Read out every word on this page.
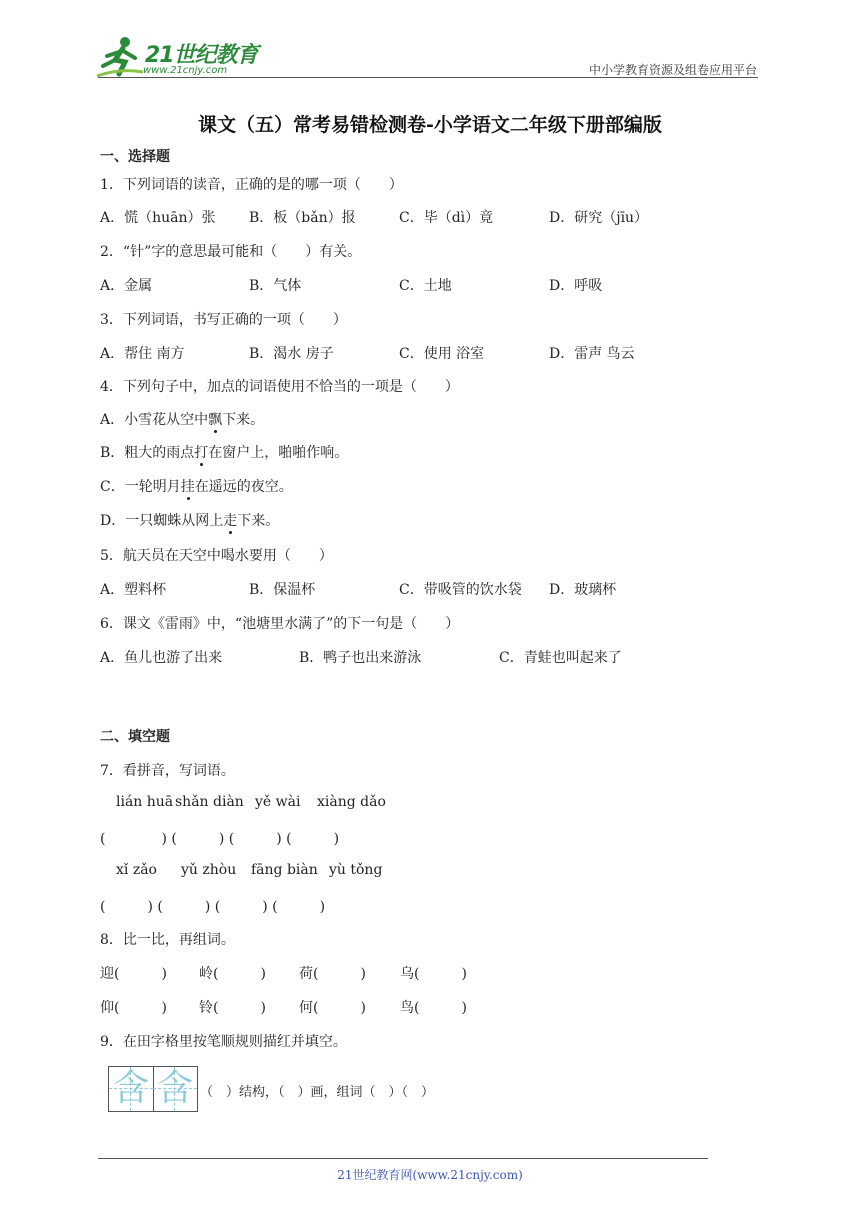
21世纪教育
www.21cnjy.com	中小学教育资源及组卷应用平台
课文（五）常考易错检测卷-小学语文二年级下册部编版
一、选择题
1．下列词语的读音，正确的是的哪一项（　　）
A．慌（huān）张 B．板（bǎn）报	C．毕（dì）竟	D．研究（jīu）
2．“针”字的意思最可能和（　　）有关。
A．金属	B．气体	C．土地	D．呼吸
3．下列词语，书写正确的一项（　　）
A．帮住 南方	B．渴水 房子	C．使用 浴室	D．雷声 鸟云
4．下列句子中，加点的词语使用不恰当的一项是（　　）
A．小雪花从空中飘下来。
B．粗大的雨点打在窗户上，啪啪作响。
C．一轮明月挂在遥远的夜空。
D．一只蜘蛛从网上走下来。
5．航天员在天空中喝水要用（　　）
A．塑料杯	B．保温杯	C．带吸管的饮水袋 D．玻璃杯
6．课文《雷雨》中，“池塘里水满了”的下一句是（　　）
A．鱼儿也游了出来	B．鸭子也出来游泳	C．青蛙也叫起来了
二、填空题
7．看拼音，写词语。
lián huā shǎn diàn yě wài xiàng dǎo
(　　　　) (　　　) (　　　) (　　　)
xǐ zǎo yǔ zhòu fāng biàn yù tǒng
(　　　) (　　　) (　　　) (　　　)
8．比一比，再组词。
迎(　　　) 岭(　　　) 荷(　　　) 乌(　　　)
仰(　　　) 铃(　　　) 何(　　　) 鸟(　　　)
9．在田字格里按笔顺规则描红并填空。
含 含 （　）结构，（　）画，组词（　）（　）
21世纪教育网(www.21cnjy.com)
